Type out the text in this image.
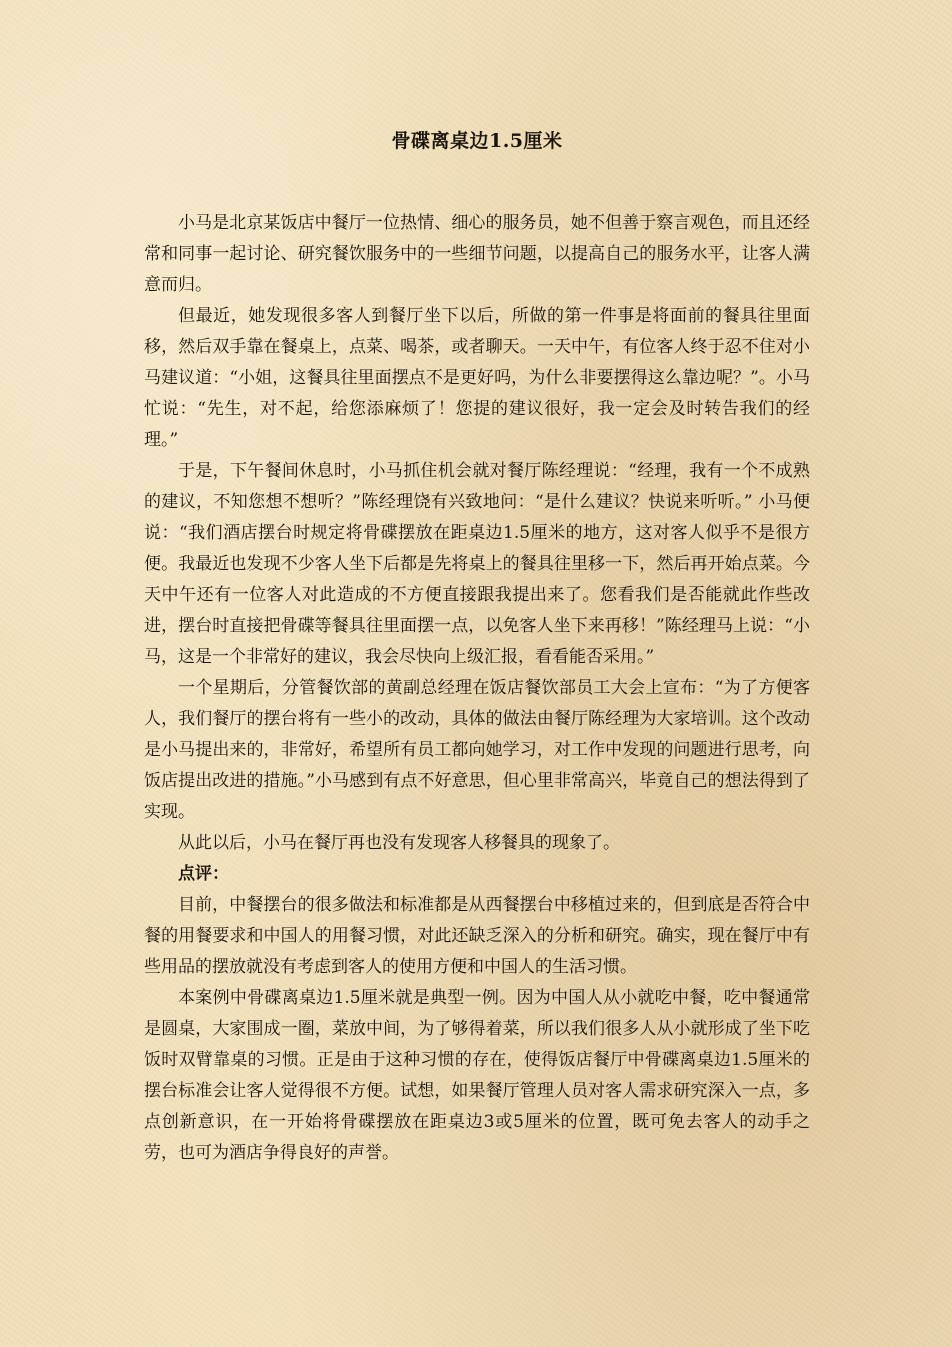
骨碟离桌边1.5厘米

小马是北京某饭店中餐厅一位热情、细心的服务员，她不但善于察言观色，而且还经常和同事一起讨论、研究餐饮服务中的一些细节问题，以提高自己的服务水平，让客人满意而归。

但最近，她发现很多客人到餐厅坐下以后，所做的第一件事是将面前的餐具往里面移，然后双手靠在餐桌上，点菜、喝茶，或者聊天。一天中午，有位客人终于忍不住对小马建议道：“小姐，这餐具往里面摆点不是更好吗，为什么非要摆得这么靠边呢？”。小马忙说：“先生，对不起，给您添麻烦了！您提的建议很好，我一定会及时转告我们的经理。”

于是，下午餐间休息时，小马抓住机会就对餐厅陈经理说：“经理，我有一个不成熟的建议，不知您想不想听？”陈经理饶有兴致地问：“是什么建议？快说来听听。” 小马便说：“我们酒店摆台时规定将骨碟摆放在距桌边1.5厘米的地方，这对客人似乎不是很方便。我最近也发现不少客人坐下后都是先将桌上的餐具往里移一下，然后再开始点菜。今天中午还有一位客人对此造成的不方便直接跟我提出来了。您看我们是否能就此作些改进，摆台时直接把骨碟等餐具往里面摆一点，以免客人坐下来再移！”陈经理马上说：“小马，这是一个非常好的建议，我会尽快向上级汇报，看看能否采用。”

一个星期后，分管餐饮部的黄副总经理在饭店餐饮部员工大会上宣布：“为了方便客人，我们餐厅的摆台将有一些小的改动，具体的做法由餐厅陈经理为大家培训。这个改动是小马提出来的，非常好，希望所有员工都向她学习，对工作中发现的问题进行思考，向饭店提出改进的措施。”小马感到有点不好意思，但心里非常高兴，毕竟自己的想法得到了实现。

从此以后，小马在餐厅再也没有发现客人移餐具的现象了。

点评：

目前，中餐摆台的很多做法和标准都是从西餐摆台中移植过来的，但到底是否符合中餐的用餐要求和中国人的用餐习惯，对此还缺乏深入的分析和研究。确实，现在餐厅中有些用品的摆放就没有考虑到客人的使用方便和中国人的生活习惯。

本案例中骨碟离桌边1.5厘米就是典型一例。因为中国人从小就吃中餐，吃中餐通常是圆桌，大家围成一圈，菜放中间，为了够得着菜，所以我们很多人从小就形成了坐下吃饭时双臂靠桌的习惯。正是由于这种习惯的存在，使得饭店餐厅中骨碟离桌边1.5厘米的摆台标准会让客人觉得很不方便。试想，如果餐厅管理人员对客人需求研究深入一点，多点创新意识，在一开始将骨碟摆放在距桌边3或5厘米的位置，既可免去客人的动手之劳，也可为酒店争得良好的声誉。
